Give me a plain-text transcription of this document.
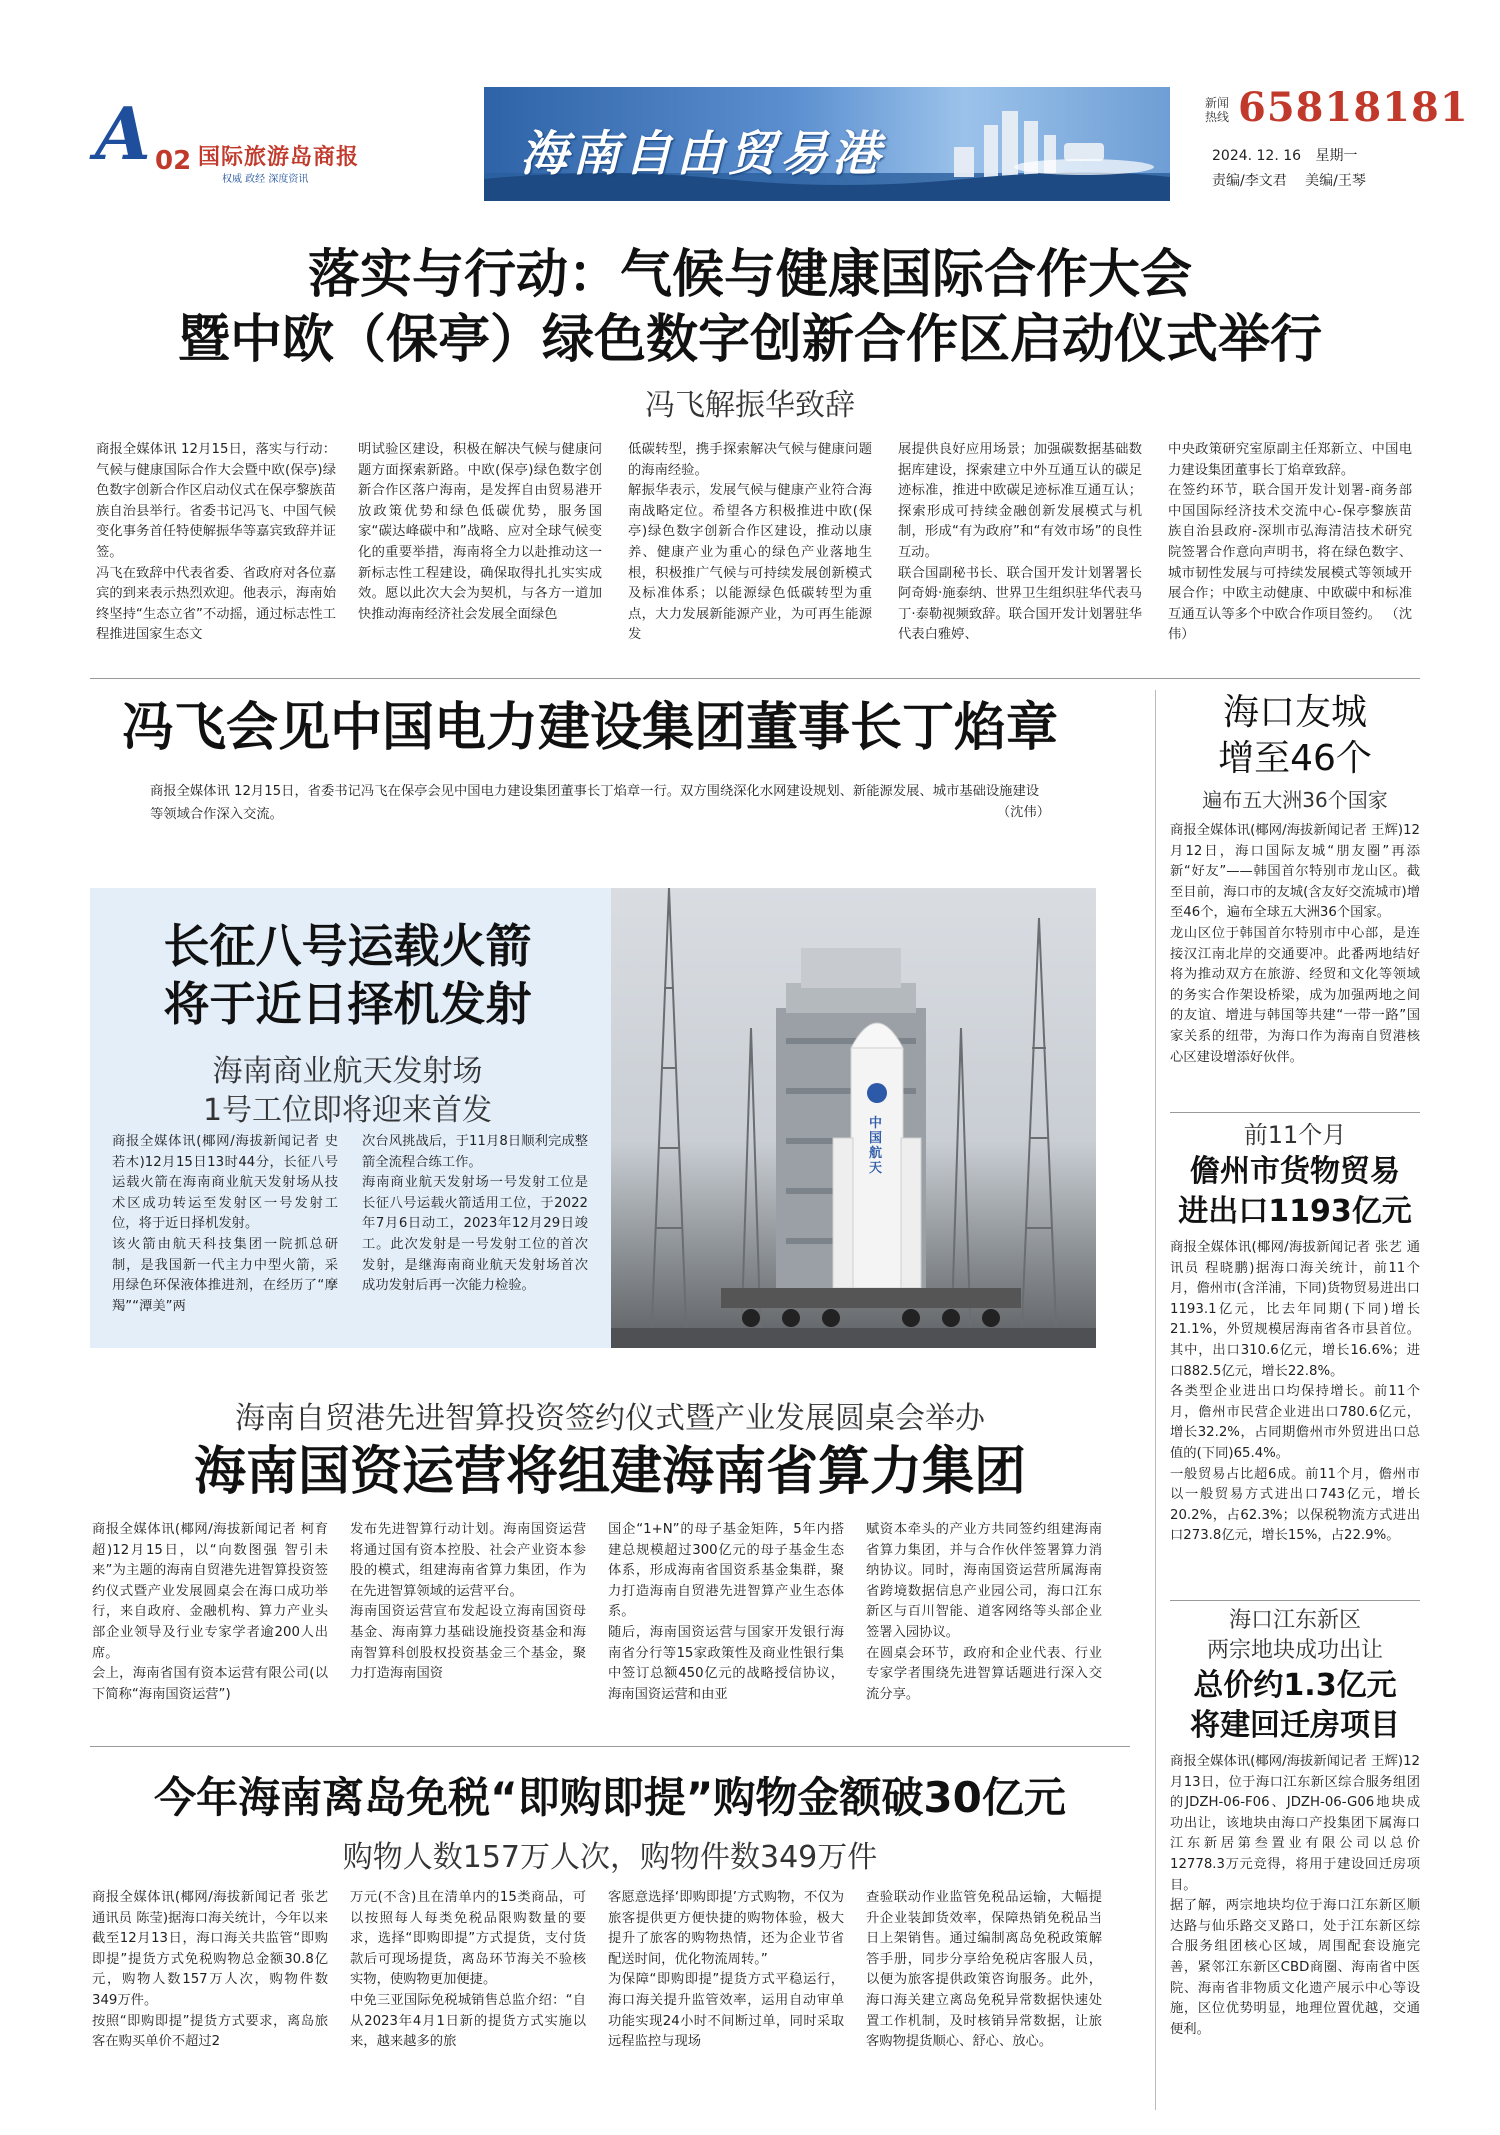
A 02 国际旅游岛商报
权威 政经 深度资讯	海南自由贸易港
新闻热线 65818181
2024. 12. 16 星期一
责编/李文君 美编/王琴
落实与行动：气候与健康国际合作大会
暨中欧（保亭）绿色数字创新合作区启动仪式举行
冯飞解振华致辞

商报全媒体讯 12月15日，落实与行动：气候与健康国际合作大会暨中欧(保亭)绿色数字创新合作区启动仪式在保亭黎族苗族自治县举行。省委书记冯飞、中国气候变化事务首任特使解振华等嘉宾致辞并证签。
冯飞在致辞中代表省委、省政府对各位嘉宾的到来表示热烈欢迎。他表示，海南始终坚持“生态立省”不动摇，通过标志性工程推进国家生态文

明试验区建设，积极在解决气候与健康问题方面探索新路。中欧(保亭)绿色数字创新合作区落户海南，是发挥自由贸易港开放政策优势和绿色低碳优势，服务国家“碳达峰碳中和”战略、应对全球气候变化的重要举措，海南将全力以赴推动这一新标志性工程建设，确保取得扎扎实实成效。愿以此次大会为契机，与各方一道加快推动海南经济社会发展全面绿色

低碳转型，携手探索解决气候与健康问题的海南经验。
解振华表示，发展气候与健康产业符合海南战略定位。希望各方积极推进中欧(保亭)绿色数字创新合作区建设，推动以康养、健康产业为重心的绿色产业落地生根，积极推广气候与可持续发展创新模式及标准体系；以能源绿色低碳转型为重点，大力发展新能源产业，为可再生能源发

展提供良好应用场景；加强碳数据基础数据库建设，探索建立中外互通互认的碳足迹标准，推进中欧碳足迹标准互通互认；探索形成可持续金融创新发展模式与机制，形成“有为政府”和“有效市场”的良性互动。
联合国副秘书长、联合国开发计划署署长阿奇姆·施泰纳、世界卫生组织驻华代表马丁·泰勒视频致辞。联合国开发计划署驻华代表白雅婷、

中央政策研究室原副主任郑新立、中国电力建设集团董事长丁焰章致辞。
在签约环节，联合国开发计划署-商务部中国国际经济技术交流中心-保亭黎族苗族自治县政府-深圳市弘海清洁技术研究院签署合作意向声明书，将在绿色数字、城市韧性发展与可持续发展模式等领域开展合作；中欧主动健康、中欧碳中和标准互通互认等多个中欧合作项目签约。 （沈伟）

冯飞会见中国电力建设集团董事长丁焰章
商报全媒体讯 12月15日，省委书记冯飞在保亭会见中国电力建设集团董事长丁焰章一行。双方围绕深化水网建设规划、新能源发展、城市基础设施建设等领域合作深入交流。	（沈伟）
长征八号运载火箭
将于近日择机发射
海南商业航天发射场
1号工位即将迎来首发

商报全媒体讯(椰网/海拔新闻记者 史若木)12月15日13时44分，长征八号运载火箭在海南商业航天发射场从技术区成功转运至发射区一号发射工位，将于近日择机发射。
该火箭由航天科技集团一院抓总研制，是我国新一代主力中型火箭，采用绿色环保液体推进剂，在经历了“摩羯”“潭美”两

次台风挑战后，于11月8日顺利完成整箭全流程合练工作。
海南商业航天发射场一号发射工位是长征八号运载火箭适用工位，于2022年7月6日动工，2023年12月29日竣工。此次发射是一号发射工位的首次发射，是继海南商业航天发射场首次成功发射后再一次能力检验。

中国航天
海南自贸港先进智算投资签约仪式暨产业发展圆桌会举办
海南国资运营将组建海南省算力集团

商报全媒体讯(椰网/海拔新闻记者 柯育超)12月15日，以“向数图强 智引未来”为主题的海南自贸港先进智算投资签约仪式暨产业发展圆桌会在海口成功举行，来自政府、金融机构、算力产业头部企业领导及行业专家学者逾200人出席。
会上，海南省国有资本运营有限公司(以下简称“海南国资运营”)

发布先进智算行动计划。海南国资运营将通过国有资本控股、社会产业资本参股的模式，组建海南省算力集团，作为在先进智算领域的运营平台。
海南国资运营宣布发起设立海南国资母基金、海南算力基础设施投资基金和海南智算科创股权投资基金三个基金，聚力打造海南国资

国企“1+N”的母子基金矩阵，5年内搭建总规模超过300亿元的母子基金生态体系，形成海南省国资系基金集群，聚力打造海南自贸港先进智算产业生态体系。
随后，海南国资运营与国家开发银行海南省分行等15家政策性及商业性银行集中签订总额450亿元的战略授信协议，海南国资运营和由亚

赋资本牵头的产业方共同签约组建海南省算力集团，并与合作伙伴签署算力消纳协议。同时，海南国资运营所属海南省跨境数据信息产业园公司，海口江东新区与百川智能、道客网络等头部企业签署入园协议。
在圆桌会环节，政府和企业代表、行业专家学者围绕先进智算话题进行深入交流分享。

今年海南离岛免税“即购即提”购物金额破30亿元
购物人数157万人次，购物件数349万件

商报全媒体讯(椰网/海拔新闻记者 张艺 通讯员 陈莹)据海口海关统计，今年以来截至12月13日，海口海关共监管“即购即提”提货方式免税购物总金额30.8亿元，购物人数157万人次，购物件数349万件。
按照“即购即提”提货方式要求，离岛旅客在购买单价不超过2

万元(不含)且在清单内的15类商品，可以按照每人每类免税品限购数量的要求，选择“即购即提”方式提货，支付货款后可现场提货，离岛环节海关不验核实物，使购物更加便捷。
中免三亚国际免税城销售总监介绍：“自从2023年4月1日新的提货方式实施以来，越来越多的旅

客愿意选择‘即购即提’方式购物，不仅为旅客提供更方便快捷的购物体验，极大提升了旅客的购物热情，还为企业节省配送时间，优化物流周转。”
为保障“即购即提”提货方式平稳运行，海口海关提升监管效率，运用自动审单功能实现24小时不间断过单，同时采取远程监控与现场

查验联动作业监管免税品运输，大幅提升企业装卸货效率，保障热销免税品当日上架销售。通过编制离岛免税政策解答手册，同步分享给免税店客服人员，以便为旅客提供政策咨询服务。此外，海口海关建立离岛免税异常数据快速处置工作机制，及时核销异常数据，让旅客购物提货顺心、舒心、放心。

海口友城
增至46个
遍布五大洲36个国家

商报全媒体讯(椰网/海拔新闻记者 王辉)12月12日，海口国际友城“朋友圈”再添新“好友”——韩国首尔特别市龙山区。截至目前，海口市的友城(含友好交流城市)增至46个，遍布全球五大洲36个国家。
龙山区位于韩国首尔特别市中心部，是连接汉江南北岸的交通要冲。此番两地结好将为推动双方在旅游、经贸和文化等领域的务实合作架设桥梁，成为加强两地之间的友谊、增进与韩国等共建“一带一路”国家关系的纽带，为海口作为海南自贸港核心区建设增添好伙伴。

前11个月
儋州市货物贸易
进出口1193亿元

商报全媒体讯(椰网/海拔新闻记者 张艺 通讯员 程晓鹏)据海口海关统计，前11个月，儋州市(含洋浦，下同)货物贸易进出口1193.1亿元，比去年同期(下同)增长21.1%，外贸规模居海南省各市县首位。其中，出口310.6亿元，增长16.6%；进口882.5亿元，增长22.8%。
各类型企业进出口均保持增长。前11个月，儋州市民营企业进出口780.6亿元，增长32.2%，占同期儋州市外贸进出口总值的(下同)65.4%。
一般贸易占比超6成。前11个月，儋州市以一般贸易方式进出口743亿元，增长20.2%，占62.3%；以保税物流方式进出口273.8亿元，增长15%，占22.9%。

海口江东新区
两宗地块成功出让
总价约1.3亿元
将建回迁房项目

商报全媒体讯(椰网/海拔新闻记者 王辉)12月13日，位于海口江东新区综合服务组团的JDZH-06-F06、JDZH-06-G06地块成功出让，该地块由海口产投集团下属海口江东新居第叁置业有限公司以总价12778.3万元竞得，将用于建设回迁房项目。
据了解，两宗地块均位于海口江东新区顺达路与仙乐路交叉路口，处于江东新区综合服务组团核心区域，周围配套设施完善，紧邻江东新区CBD商圈、海南省中医院、海南省非物质文化遗产展示中心等设施，区位优势明显，地理位置优越，交通便利。
